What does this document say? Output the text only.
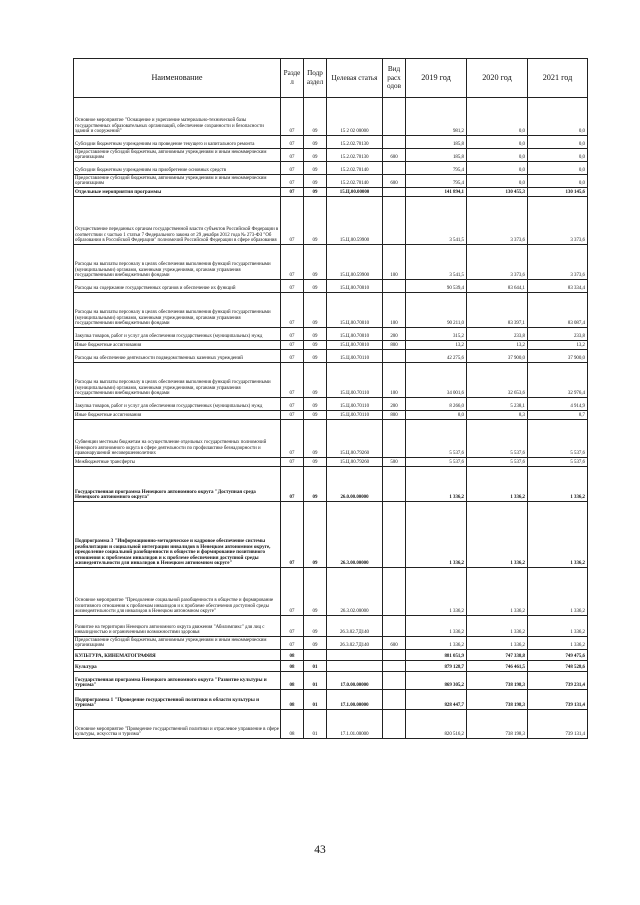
Наименование	Разде л	Подр аздел	Целевая статья	Вид расх одов	2019 год	2020 год	2021 год
Основное мероприятие "Оснащение и укрепление материально-технической базы государственных образовательных организаций, обеспечение сохранности и безопасности зданий и сооружений"	07	09	15 2 02 00000		981,2	0,0	0,0
Субсидии бюджетным учреждениям на проведение текущего и капитального ремонта	07	09	15.2.02.70130		185,8	0,0	0,0
Предоставление субсидий бюджетным, автономным учреждениям и иным некоммерческим организациям	07	09	15.2.02.70130	600	185,8	0,0	0,0
Субсидии бюджетным учреждениям на приобретение основных средств	07	09	15.2.02.70140		795,4	0,0	0,0
Предоставление субсидий бюджетным, автономным учреждениям и иным некоммерческим организациям	07	09	15.2.02.70140	600	795,4	0,0	0,0
Отдельные мероприятия программы	07	09	15.Ц.00.00000		141 894,1	130 455,3	130 145,6
Осуществление переданных органам государственной власти субъектов Российской Федерации в соответствии с частью 1 статьи 7 Федерального закона от 29 декабря 2012 года № 273-ФЗ "Об образовании в Российской Федерации" полномочий Российской Федерации в сфере образования	07	09	15.Ц.00.59900		3 541,5	3 373,6	3 373,6
Расходы на выплаты персоналу в целях обеспечения выполнения функций государственными (муниципальными) органами, казенными учреждениями, органами управления государственными внебюджетными фондами	07	09	15.Ц.00.59900	100	3 541,5	3 373,6	3 373,6
Расходы на содержание государственных органов и обеспечение их функций	07	09	15.Ц.00.70010		90 539,4	83 644,1	83 334,4
Расходы на выплаты персоналу в целях обеспечения выполнения функций государственными (муниципальными) органами, казенными учреждениями, органами управления государственными внебюджетными фондами	07	09	15.Ц.00.70010	100	90 211,0	83 397,1	83 087,4
Закупка товаров, работ и услуг для обеспечения государственных (муниципальных) нужд	07	09	15.Ц.00.70010	200	315,2	233,8	233,8
Иные бюджетные ассигнования	07	09	15.Ц.00.70010	800	13,2	13,2	13,2
Расходы на обеспечение деятельности подведомственных казенных учреждений	07	09	15.Ц.00.70110		42 275,6	37 900,0	37 900,0
Расходы на выплаты персоналу в целях обеспечения выполнения функций государственными (муниципальными) органами, казенными учреждениями, органами управления государственными внебюджетными фондами	07	09	15.Ц.00.70110	100	34 001,6	32 653,6	32 976,4
Закупка товаров, работ и услуг для обеспечения государственных (муниципальных) нужд	07	09	15.Ц.00.70110	200	8 266,0	5 238,1	4 914,9
Иные бюджетные ассигнования	07	09	15.Ц.00.70110	800	8,0	8,3	8,7
Субвенции местным бюджетам на осуществление отдельных государственных полномочий Ненецкого автономного округа в сфере деятельности по профилактике безнадзорности и правонарушений несовершеннолетних	07	09	15.Ц.00.79260		5 537,6	5 537,6	5 537,6
Межбюджетные трансферты	07	09	15.Ц.00.79260	500	5 537,6	5 537,6	5 537,6
Государственная программа Ненецкого автономного округа "Доступная среда Ненецкого автономного округа"	07	09	26.0.00.00000		1 336,2	1 336,2	1 336,2
Подпрограмма 3 "Информационно-методическое и кадровое обеспечение системы реабилитации и социальной интеграции инвалидов в Ненецком автономном округе, преодоление социальной разобщенности в обществе и формирование позитивного отношения к проблемам инвалидов и к проблеме обеспечения доступной среды жизнедеятельности для инвалидов в Ненецком автономном округе"	07	09	26.3.00.00000		1 336,2	1 336,2	1 336,2
Основное мероприятие "Преодоление социальной разобщенности в обществе и формирование позитивного отношения к проблемам инвалидов и к проблеме обеспечения доступной среды жизнедеятельности для инвалидов в Ненецком автономном округе"	07	09	26.3.02.00000		1 336,2	1 336,2	1 336,2
Развитие на территории Ненецкого автономного округа движения "Абилимпикс" для лиц с инвалидностью и ограниченными возможностями здоровья	07	09	26.3.02.7Д140		1 336,2	1 336,2	1 336,2
Предоставление субсидий бюджетным, автономным учреждениям и иным некоммерческим организациям	07	09	26.3.02.7Д140	600	1 336,2	1 336,2	1 336,2
КУЛЬТУРА, КИНЕМАТОГРАФИЯ	08				881 051,9	747 338,8	749 475,6
Культура	08	01			879 128,7	746 461,5	748 528,6
Государственная программа Ненецкого автономного округа "Развитие культуры и туризма"	08	01	17.0.00.00000		869 305,2	738 198,3	739 231,4
Подпрограмма 1 "Проведение государственной политики в области культуры и туризма"	08	01	17.1.00.00000		828 447,7	738 198,3	739 131,4
Основное мероприятие "Проведение государственной политики и отраслевое управление в сфере культуры, искусства и туризма"	08	01	17.1.01.00000		820 516,2	738 198,3	739 131,4
43
